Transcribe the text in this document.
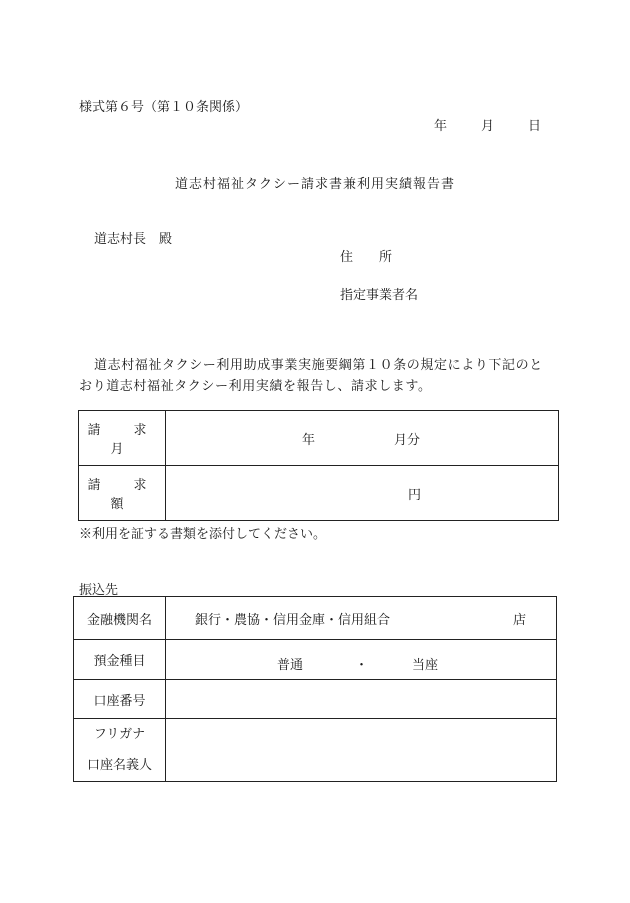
様式第６号（第１０条関係）
年	月	日
道志村福祉タクシー請求書兼利用実績報告書
道志村長　殿
住　　所
指定事業者名
道志村福祉タクシー利用助成事業実施要綱第１０条の規定により下記のとおり道志村福祉タクシー利用実績を報告し、請求します。
請　求　月	年 月分

請　求　額	円
※利用を証する書類を添付してください。
振込先
金融機関名	銀行・農協・信用金庫・信用組合 店

預金種目	普通 ・ 当座

口座番号	

フリガナ
口座名義人	
